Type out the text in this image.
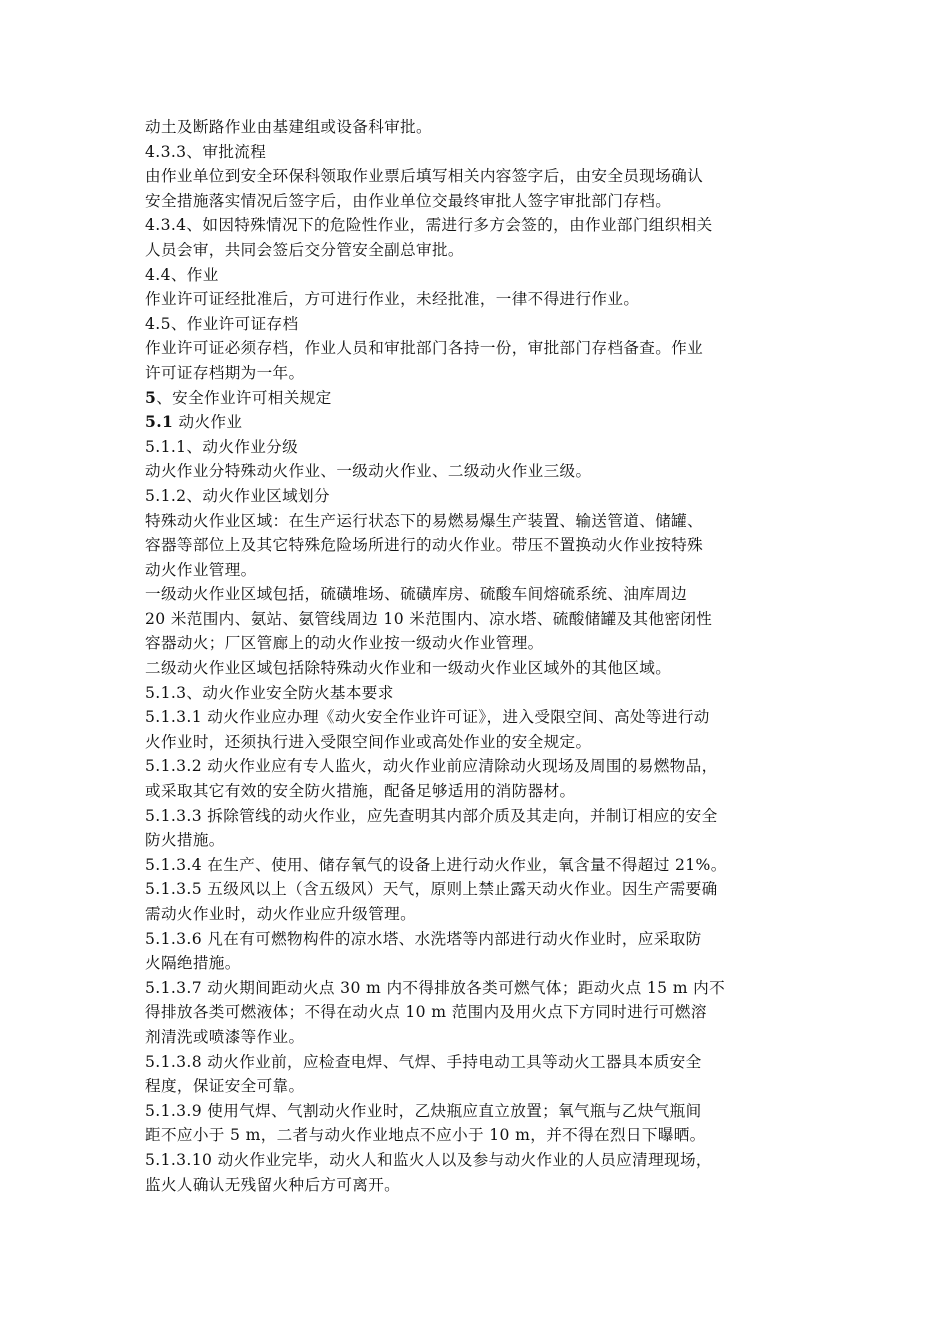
动土及断路作业由基建组或设备科审批。
4.3.3、审批流程
由作业单位到安全环保科领取作业票后填写相关内容签字后，由安全员现场确认
安全措施落实情况后签字后，由作业单位交最终审批人签字审批部门存档。
4.3.4、如因特殊情况下的危险性作业，需进行多方会签的，由作业部门组织相关
人员会审，共同会签后交分管安全副总审批。
4.4、作业
作业许可证经批准后，方可进行作业，未经批准，一律不得进行作业。
4.5、作业许可证存档
作业许可证必须存档，作业人员和审批部门各持一份，审批部门存档备查。作业
许可证存档期为一年。
5、安全作业许可相关规定
5.1 动火作业
5.1.1、动火作业分级
动火作业分特殊动火作业、一级动火作业、二级动火作业三级。
5.1.2、动火作业区域划分
特殊动火作业区域：在生产运行状态下的易燃易爆生产装置、输送管道、储罐、
容器等部位上及其它特殊危险场所进行的动火作业。带压不置换动火作业按特殊
动火作业管理。
一级动火作业区域包括，硫磺堆场、硫磺库房、硫酸车间熔硫系统、油库周边
20 米范围内、氨站、氨管线周边 10 米范围内、凉水塔、硫酸储罐及其他密闭性
容器动火；厂区管廊上的动火作业按一级动火作业管理。
二级动火作业区域包括除特殊动火作业和一级动火作业区域外的其他区域。
5.1.3、动火作业安全防火基本要求
5.1.3.1 动火作业应办理《动火安全作业许可证》，进入受限空间、高处等进行动
火作业时，还须执行进入受限空间作业或高处作业的安全规定。
5.1.3.2 动火作业应有专人监火，动火作业前应清除动火现场及周围的易燃物品，
或采取其它有效的安全防火措施，配备足够适用的消防器材。
5.1.3.3 拆除管线的动火作业，应先查明其内部介质及其走向，并制订相应的安全
防火措施。
5.1.3.4 在生产、使用、储存氧气的设备上进行动火作业，氧含量不得超过 21%。
5.1.3.5 五级风以上（含五级风）天气，原则上禁止露天动火作业。因生产需要确
需动火作业时，动火作业应升级管理。
5.1.3.6 凡在有可燃物构件的凉水塔、水洗塔等内部进行动火作业时，应采取防
火隔绝措施。
5.1.3.7 动火期间距动火点 30 m 内不得排放各类可燃气体；距动火点 15 m 内不
得排放各类可燃液体；不得在动火点 10 m 范围内及用火点下方同时进行可燃溶
剂清洗或喷漆等作业。
5.1.3.8 动火作业前，应检查电焊、气焊、手持电动工具等动火工器具本质安全
程度，保证安全可靠。
5.1.3.9 使用气焊、气割动火作业时，乙炔瓶应直立放置；氧气瓶与乙炔气瓶间
距不应小于 5 m，二者与动火作业地点不应小于 10 m，并不得在烈日下曝晒。
5.1.3.10 动火作业完毕，动火人和监火人以及参与动火作业的人员应清理现场，
监火人确认无残留火种后方可离开。
